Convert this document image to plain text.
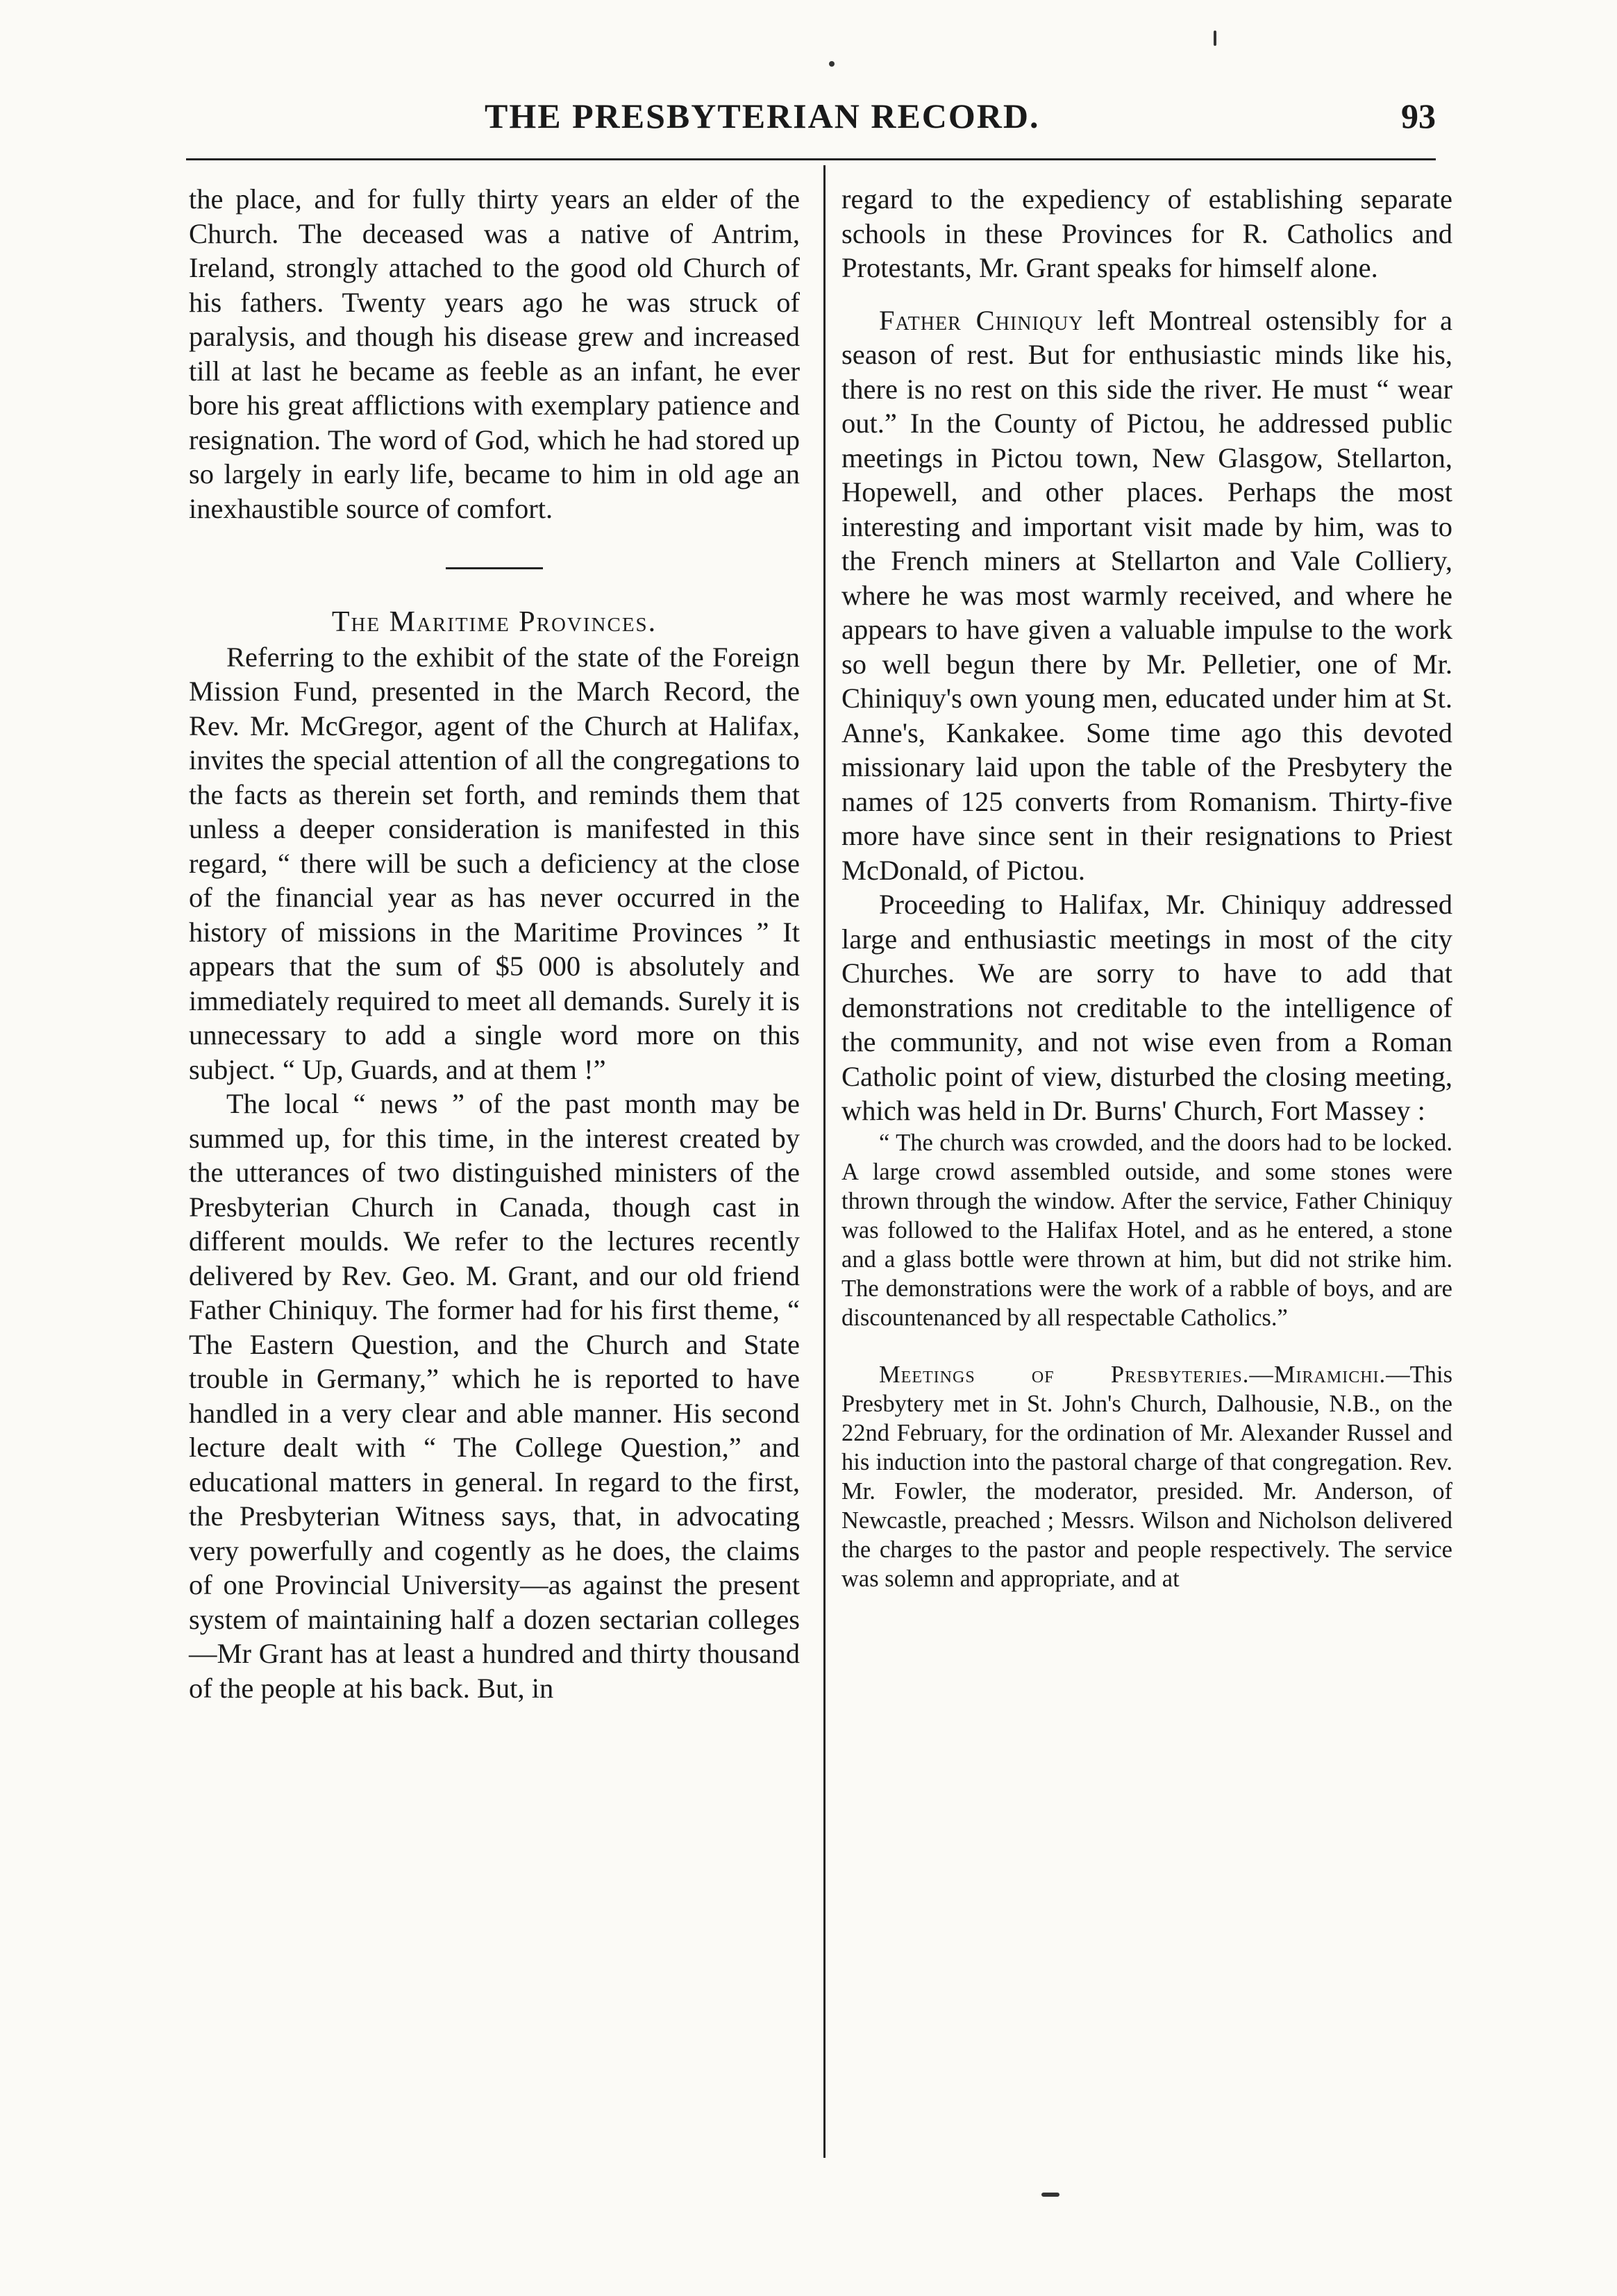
THE PRESBYTERIAN RECORD.	93

the place, and for fully thirty years an elder of the Church. The deceased was a native of Antrim, Ireland, strongly attached to the good old Church of his fathers. Twenty years ago he was struck of paralysis, and though his disease grew and increased till at last he became as feeble as an infant, he ever bore his great afflictions with exemplary patience and resignation. The word of God, which he had stored up so largely in early life, became to him in old age an inexhaustible source of comfort.

The Maritime Provinces.

Referring to the exhibit of the state of the Foreign Mission Fund, presented in the March Record, the Rev. Mr. McGregor, agent of the Church at Halifax, invites the special attention of all the congregations to the facts as therein set forth, and reminds them that unless a deeper consideration is manifested in this regard, “ there will be such a deficiency at the close of the financial year as has never occurred in the history of missions in the Maritime Provinces ” It appears that the sum of $5 000 is absolutely and immediately required to meet all demands. Surely it is unnecessary to add a single word more on this subject. “ Up, Guards, and at them !”

The local “ news ” of the past month may be summed up, for this time, in the interest created by the utterances of two distinguished ministers of the Presbyterian Church in Canada, though cast in different moulds. We refer to the lectures recently delivered by Rev. Geo. M. Grant, and our old friend Father Chiniquy. The former had for his first theme, “ The Eastern Question, and the Church and State trouble in Germany,” which he is reported to have handled in a very clear and able manner. His second lecture dealt with “ The College Question,” and educational matters in general. In regard to the first, the Presbyterian Witness says, that, in advocating very powerfully and cogently as he does, the claims of one Provincial University—as against the present system of maintaining half a dozen sectarian colleges—Mr Grant has at least a hundred and thirty thousand of the people at his back. But, in

regard to the expediency of establishing separate schools in these Provinces for R. Catholics and Protestants, Mr. Grant speaks for himself alone.

Father Chiniquy left Montreal ostensibly for a season of rest. But for enthusiastic minds like his, there is no rest on this side the river. He must “ wear out.” In the County of Pictou, he addressed public meetings in Pictou town, New Glasgow, Stellarton, Hopewell, and other places. Perhaps the most interesting and important visit made by him, was to the French miners at Stellarton and Vale Colliery, where he was most warmly received, and where he appears to have given a valuable impulse to the work so well begun there by Mr. Pelletier, one of Mr. Chiniquy's own young men, educated under him at St. Anne's, Kankakee. Some time ago this devoted missionary laid upon the table of the Presbytery the names of 125 converts from Romanism. Thirty-five more have since sent in their resignations to Priest McDonald, of Pictou.

Proceeding to Halifax, Mr. Chiniquy addressed large and enthusiastic meetings in most of the city Churches. We are sorry to have to add that demonstrations not creditable to the intelligence of the community, and not wise even from a Roman Catholic point of view, disturbed the closing meeting, which was held in Dr. Burns' Church, Fort Massey :

“ The church was crowded, and the doors had to be locked. A large crowd assembled outside, and some stones were thrown through the window. After the service, Father Chiniquy was followed to the Halifax Hotel, and as he entered, a stone and a glass bottle were thrown at him, but did not strike him. The demonstrations were the work of a rabble of boys, and are discountenanced by all respectable Catholics.”

Meetings of Presbyteries.—Miramichi.—This Presbytery met in St. John's Church, Dalhousie, N.B., on the 22nd February, for the ordination of Mr. Alexander Russel and his induction into the pastoral charge of that congregation. Rev. Mr. Fowler, the moderator, presided. Mr. Anderson, of Newcastle, preached ; Messrs. Wilson and Nicholson delivered the charges to the pastor and people respectively. The service was solemn and appropriate, and at
